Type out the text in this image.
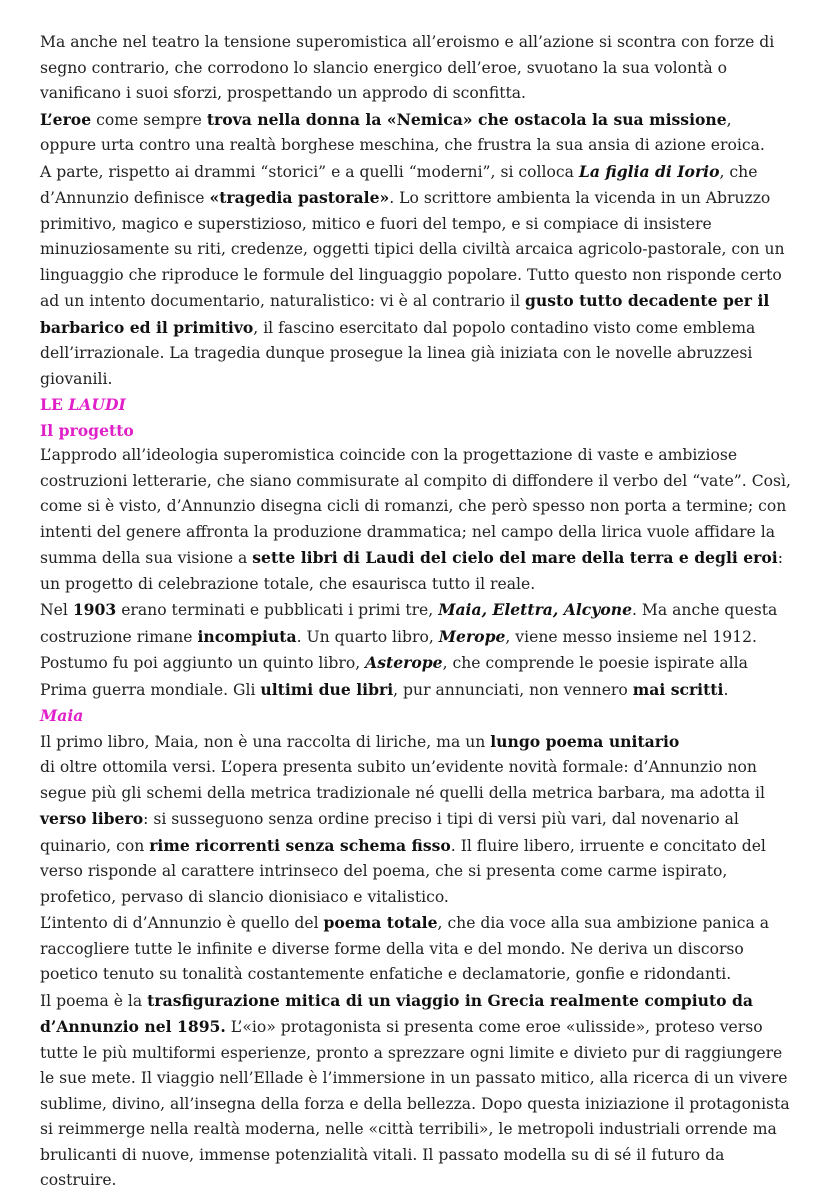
Ma anche nel teatro la tensione superomistica all’eroismo e all’azione si scontra con forze di segno contrario, che corrodono lo slancio energico dell’eroe, svuotano la sua volontà o vanificano i suoi sforzi, prospettando un approdo di sconfitta.

L’eroe come sempre trova nella donna la «Nemica» che ostacola la sua missione, oppure urta contro una realtà borghese meschina, che frustra la sua ansia di azione eroica.

A parte, rispetto ai drammi “storici” e a quelli “moderni”, si colloca La figlia di Iorio, che d’Annunzio definisce «tragedia pastorale». Lo scrittore ambienta la vicenda in un Abruzzo primitivo, magico e superstizioso, mitico e fuori del tempo, e si compiace di insistere minuziosamente su riti, credenze, oggetti tipici della civiltà arcaica agricolo-pastorale, con un linguaggio che riproduce le formule del linguaggio popolare. Tutto questo non risponde certo ad un intento documentario, naturalistico: vi è al contrario il gusto tutto decadente per il barbarico ed il primitivo, il fascino esercitato dal popolo contadino visto come emblema dell’irrazionale. La tragedia dunque prosegue la linea già iniziata con le novelle abruzzesi giovanili.

LE LAUDI

Il progetto

L’approdo all’ideologia superomistica coincide con la progettazione di vaste e ambiziose costruzioni letterarie, che siano commisurate al compito di diffondere il verbo del “vate”. Così, come si è visto, d’Annunzio disegna cicli di romanzi, che però spesso non porta a termine; con intenti del genere affronta la produzione drammatica; nel campo della lirica vuole affidare la summa della sua visione a sette libri di Laudi del cielo del mare della terra e degli eroi: un progetto di celebrazione totale, che esaurisca tutto il reale.

Nel 1903 erano terminati e pubblicati i primi tre, Maia, Elettra, Alcyone. Ma anche questa costruzione rimane incompiuta. Un quarto libro, Merope, viene messo insieme nel 1912. Postumo fu poi aggiunto un quinto libro, Asterope, che comprende le poesie ispirate alla Prima guerra mondiale. Gli ultimi due libri, pur annunciati, non vennero mai scritti.

Maia

Il primo libro, Maia, non è una raccolta di liriche, ma un lungo poema unitario

di oltre ottomila versi. L’opera presenta subito un’evidente novità formale: d’Annunzio non segue più gli schemi della metrica tradizionale né quelli della metrica barbara, ma adotta il verso libero: si susseguono senza ordine preciso i tipi di versi più vari, dal novenario al quinario, con rime ricorrenti senza schema fisso. Il fluire libero, irruente e concitato del verso risponde al carattere intrinseco del poema, che si presenta come carme ispirato, profetico, pervaso di slancio dionisiaco e vitalistico.

L’intento di d’Annunzio è quello del poema totale, che dia voce alla sua ambizione panica a raccogliere tutte le infinite e diverse forme della vita e del mondo. Ne deriva un discorso poetico tenuto su tonalità costantemente enfatiche e declamatorie, gonfie e ridondanti.

Il poema è la trasfigurazione mitica di un viaggio in Grecia realmente compiuto da d’Annunzio nel 1895. L’«io» protagonista si presenta come eroe «ulisside», proteso verso tutte le più multiformi esperienze, pronto a sprezzare ogni limite e divieto pur di raggiungere le sue mete. Il viaggio nell’Ellade è l’immersione in un passato mitico, alla ricerca di un vivere sublime, divino, all’insegna della forza e della bellezza. Dopo questa iniziazione il protagonista si reimmerge nella realtà moderna, nelle «città terribili», le metropoli industriali orrende ma brulicanti di nuove, immense potenzialità vitali. Il passato modella su di sé il futuro da costruire.
